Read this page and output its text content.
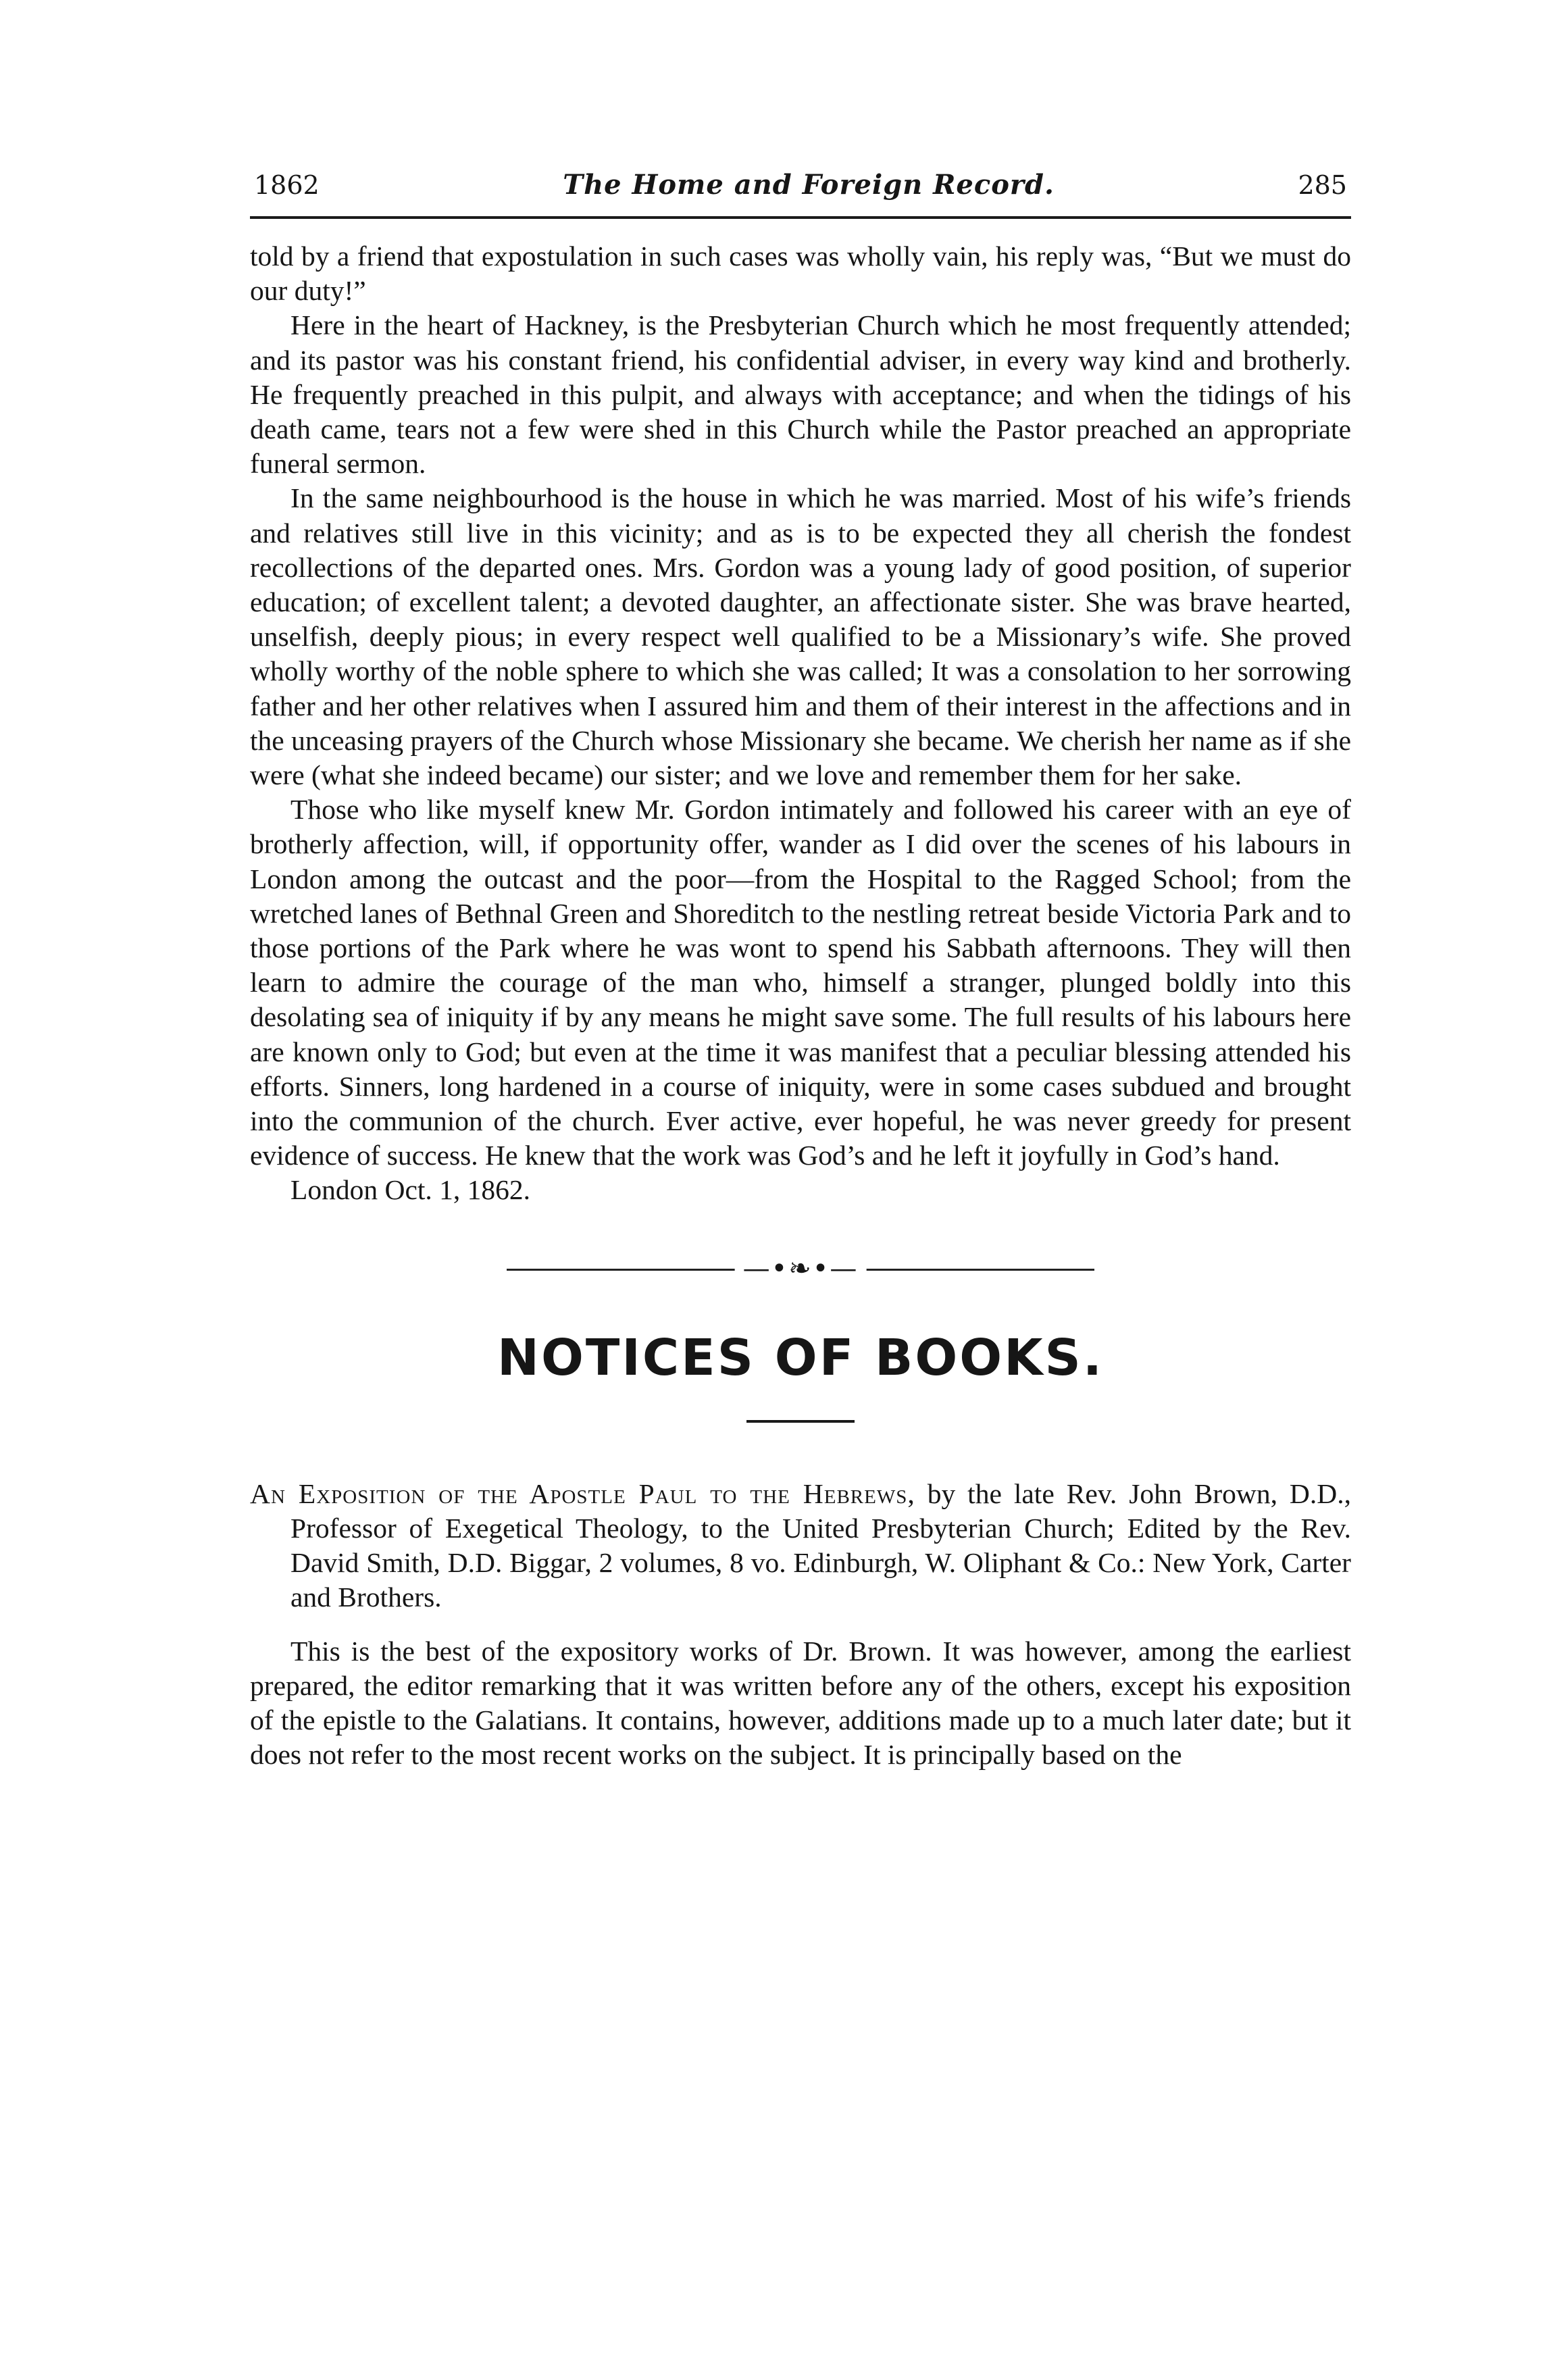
1862	The Home and Foreign Record.	285

told by a friend that expostulation in such cases was wholly vain, his reply was, “But we must do our duty!”

Here in the heart of Hackney, is the Presbyterian Church which he most frequently attended; and its pastor was his constant friend, his confidential adviser, in every way kind and brotherly. He frequently preached in this pulpit, and always with acceptance; and when the tidings of his death came, tears not a few were shed in this Church while the Pastor preached an appropriate funeral sermon.

In the same neighbourhood is the house in which he was married. Most of his wife’s friends and relatives still live in this vicinity; and as is to be expected they all cherish the fondest recollections of the departed ones. Mrs. Gordon was a young lady of good position, of superior education; of excellent talent; a devoted daughter, an affectionate sister. She was brave hearted, unselfish, deeply pious; in every respect well qualified to be a Missionary’s wife. She proved wholly worthy of the noble sphere to which she was called; It was a consolation to her sorrowing father and her other relatives when I assured him and them of their interest in the affections and in the unceasing prayers of the Church whose Missionary she became. We cherish her name as if she were (what she indeed became) our sister; and we love and remember them for her sake.

Those who like myself knew Mr. Gordon intimately and followed his career with an eye of brotherly affection, will, if opportunity offer, wander as I did over the scenes of his labours in London among the outcast and the poor—from the Hospital to the Ragged School; from the wretched lanes of Bethnal Green and Shoreditch to the nestling retreat beside Victoria Park and to those portions of the Park where he was wont to spend his Sabbath afternoons. They will then learn to admire the courage of the man who, himself a stranger, plunged boldly into this desolating sea of iniquity if by any means he might save some. The full results of his labours here are known only to God; but even at the time it was manifest that a peculiar blessing attended his efforts. Sinners, long hardened in a course of iniquity, were in some cases subdued and brought into the communion of the church. Ever active, ever hopeful, he was never greedy for present evidence of success. He knew that the work was God’s and he left it joyfully in God’s hand.

London Oct. 1, 1862.

—•❧•—
NOTICES OF BOOKS.

An Exposition of the Apostle Paul to the Hebrews, by the late Rev. John Brown, D.D., Professor of Exegetical Theology, to the United Presbyterian Church; Edited by the Rev. David Smith, D.D. Biggar, 2 volumes, 8 vo. Edinburgh, W. Oliphant & Co.: New York, Carter and Brothers.

This is the best of the expository works of Dr. Brown. It was however, among the earliest prepared, the editor remarking that it was written before any of the others, except his exposition of the epistle to the Galatians. It contains, however, additions made up to a much later date; but it does not refer to the most recent works on the subject. It is principally based on the
